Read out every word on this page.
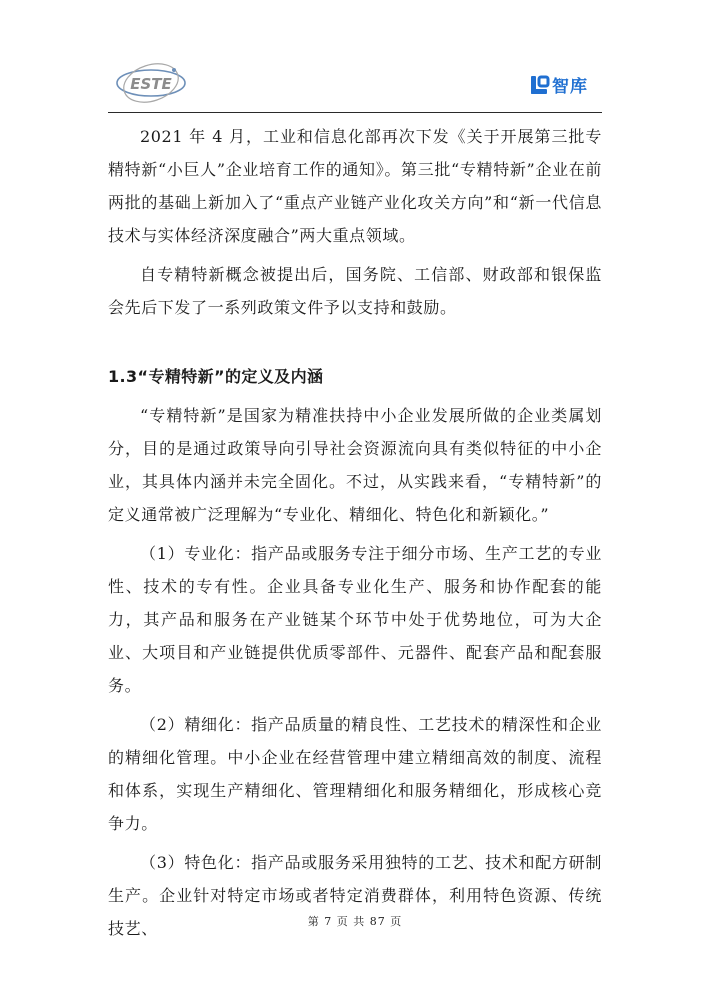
ESTE	智库

2021 年 4 月，工业和信息化部再次下发《关于开展第三批专精特新“小巨人”企业培育工作的通知》。第三批“专精特新”企业在前两批的基础上新加入了“重点产业链产业化攻关方向”和“新一代信息技术与实体经济深度融合”两大重点领域。

自专精特新概念被提出后，国务院、工信部、财政部和银保监会先后下发了一系列政策文件予以支持和鼓励。

1.3“专精特新”的定义及内涵

“专精特新”是国家为精准扶持中小企业发展所做的企业类属划分，目的是通过政策导向引导社会资源流向具有类似特征的中小企业，其具体内涵并未完全固化。不过，从实践来看，“专精特新”的定义通常被广泛理解为“专业化、精细化、特色化和新颖化。”

（1）专业化：指产品或服务专注于细分市场、生产工艺的专业性、技术的专有性。企业具备专业化生产、服务和协作配套的能力，其产品和服务在产业链某个环节中处于优势地位，可为大企业、大项目和产业链提供优质零部件、元器件、配套产品和配套服务。

（2）精细化：指产品质量的精良性、工艺技术的精深性和企业的精细化管理。中小企业在经营管理中建立精细高效的制度、流程和体系，实现生产精细化、管理精细化和服务精细化，形成核心竞争力。

（3）特色化：指产品或服务采用独特的工艺、技术和配方研制生产。企业针对特定市场或者特定消费群体，利用特色资源、传统技艺、	第 7 页 共 87 页
